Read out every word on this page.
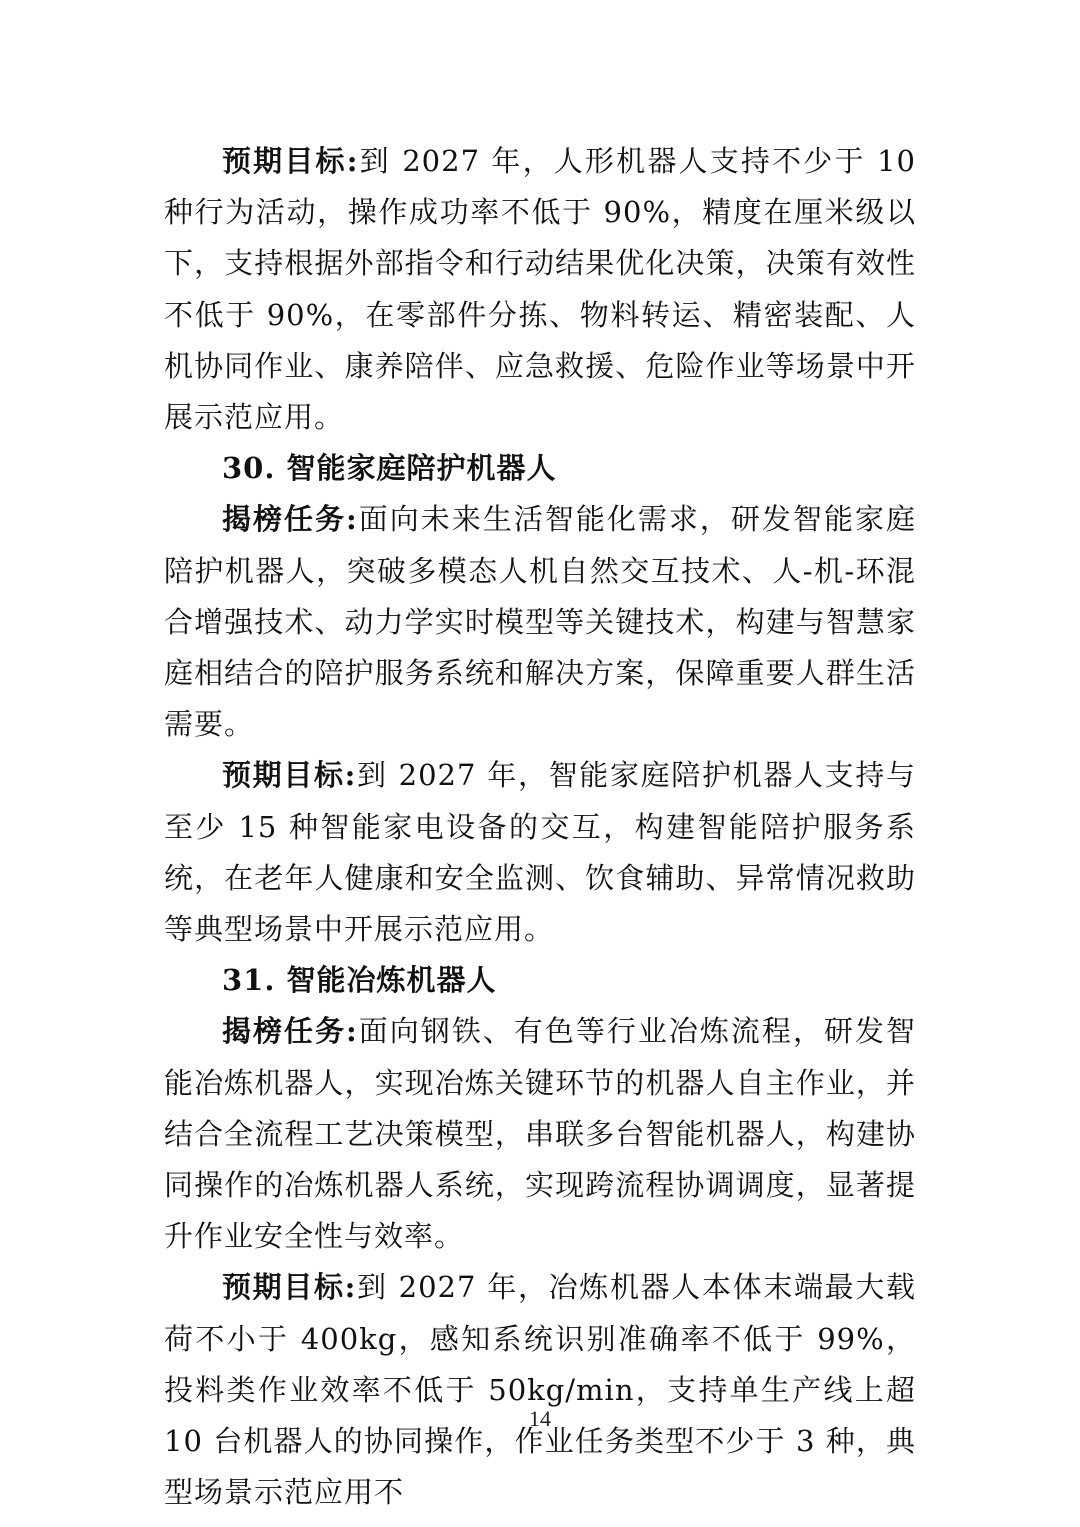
预期目标:到 2027 年，人形机器人支持不少于 10 种行为活动，操作成功率不低于 90%，精度在厘米级以下，支持根据外部指令和行动结果优化决策，决策有效性不低于 90%，在零部件分拣、物料转运、精密装配、人机协同作业、康养陪伴、应急救援、危险作业等场景中开展示范应用。

30. 智能家庭陪护机器人

揭榜任务:面向未来生活智能化需求，研发智能家庭陪护机器人，突破多模态人机自然交互技术、人-机-环混合增强技术、动力学实时模型等关键技术，构建与智慧家庭相结合的陪护服务系统和解决方案，保障重要人群生活需要。

预期目标:到 2027 年，智能家庭陪护机器人支持与至少 15 种智能家电设备的交互，构建智能陪护服务系统，在老年人健康和安全监测、饮食辅助、异常情况救助等典型场景中开展示范应用。

31. 智能冶炼机器人

揭榜任务:面向钢铁、有色等行业冶炼流程，研发智能冶炼机器人，实现冶炼关键环节的机器人自主作业，并结合全流程工艺决策模型，串联多台智能机器人，构建协同操作的冶炼机器人系统，实现跨流程协调调度，显著提升作业安全性与效率。

预期目标:到 2027 年，冶炼机器人本体末端最大载荷不小于 400kg，感知系统识别准确率不低于 99%，投料类作业效率不低于 50kg/min，支持单生产线上超 10 台机器人的协同操作，作业任务类型不少于 3 种，典型场景示范应用不

14
